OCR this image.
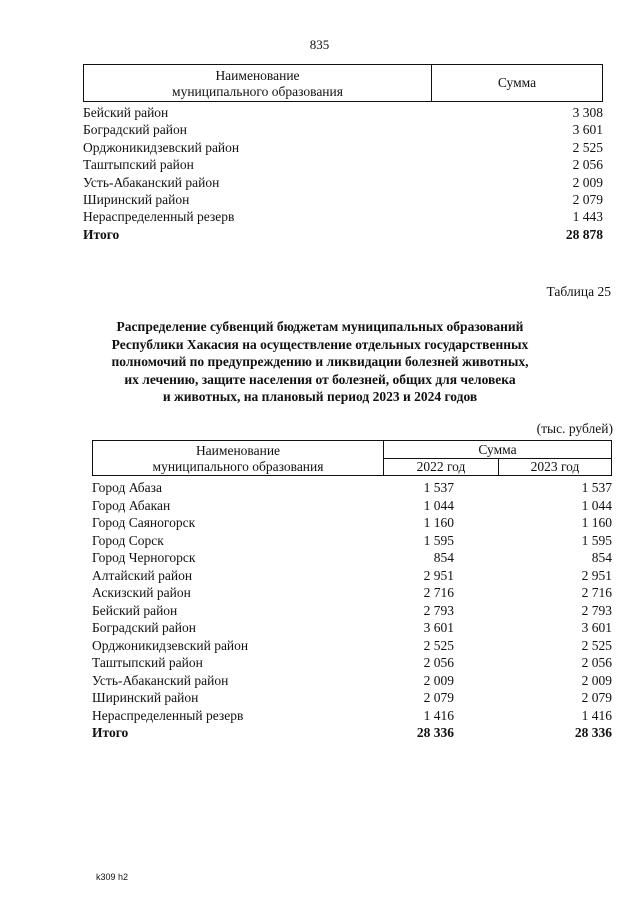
835
Наименование
муниципального образования
Сумма
Бейский район	3 308
Боградский район	3 601
Орджоникидзевский район	2 525
Таштыпский район	2 056
Усть-Абаканский район	2 009
Ширинский район	2 079
Нераспределенный резерв	1 443
Итого	28 878
Таблица 25
Распределение субвенций бюджетам муниципальных образований
Республики Хакасия на осуществление отдельных государственных
полномочий по предупреждению и ликвидации болезней животных,
их лечению, защите населения от болезней, общих для человека
и животных, на плановый период 2023 и 2024 годов
(тыс. рублей)
Наименование
муниципального образования
Сумма
2022 год	2023 год
Город Абаза	1 537	1 537
Город Абакан	1 044	1 044
Город Саяногорск	1 160	1 160
Город Сорск	1 595	1 595
Город Черногорск	854	854
Алтайский район	2 951	2 951
Аскизский район	2 716	2 716
Бейский район	2 793	2 793
Боградский район	3 601	3 601
Орджоникидзевский район	2 525	2 525
Таштыпский район	2 056	2 056
Усть-Абаканский район	2 009	2 009
Ширинский район	2 079	2 079
Нераспределенный резерв	1 416	1 416
Итого	28 336	28 336
k309 h2
